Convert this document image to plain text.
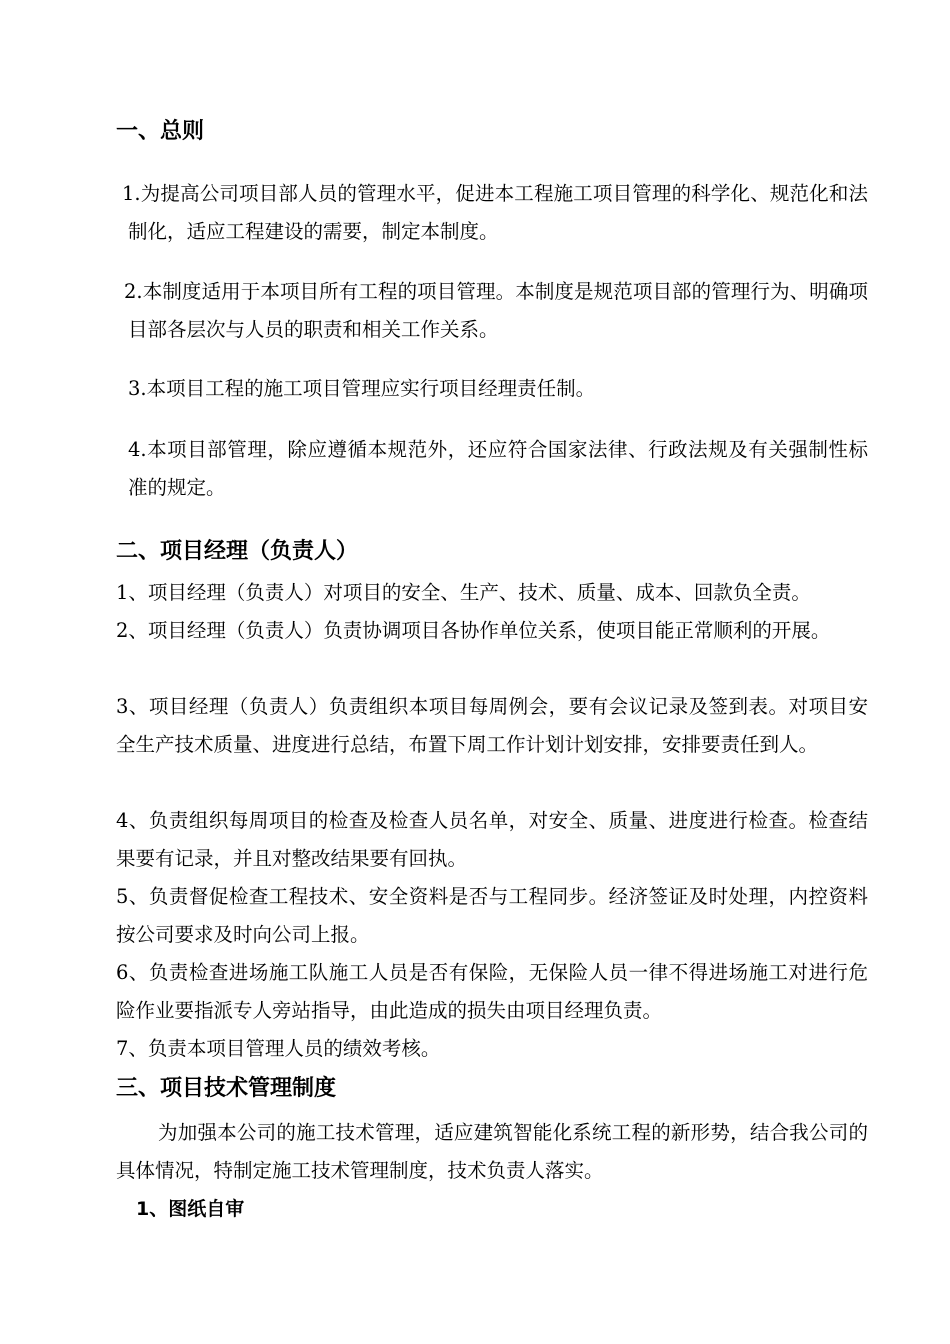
一、总则

1.为提高公司项目部人员的管理水平，促进本工程施工项目管理的科学化、规范化和法制化，适应工程建设的需要，制定本制度。

2.本制度适用于本项目所有工程的项目管理。本制度是规范项目部的管理行为、明确项目部各层次与人员的职责和相关工作关系。

3.本项目工程的施工项目管理应实行项目经理责任制。

4.本项目部管理，除应遵循本规范外，还应符合国家法律、行政法规及有关强制性标准的规定。

二、项目经理（负责人）

1、项目经理（负责人）对项目的安全、生产、技术、质量、成本、回款负全责。

2、项目经理（负责人）负责协调项目各协作单位关系，使项目能正常顺利的开展。

3、项目经理（负责人）负责组织本项目每周例会，要有会议记录及签到表。对项目安全生产技术质量、进度进行总结，布置下周工作计划计划安排，安排要责任到人。

4、负责组织每周项目的检查及检查人员名单，对安全、质量、进度进行检查。检查结果要有记录，并且对整改结果要有回执。

5、负责督促检查工程技术、安全资料是否与工程同步。经济签证及时处理，内控资料按公司要求及时向公司上报。

6、负责检查进场施工队施工人员是否有保险，无保险人员一律不得进场施工对进行危险作业要指派专人旁站指导，由此造成的损失由项目经理负责。

7、负责本项目管理人员的绩效考核。

三、项目技术管理制度

为加强本公司的施工技术管理，适应建筑智能化系统工程的新形势，结合我公司的具体情况，特制定施工技术管理制度，技术负责人落实。

1、图纸自审
